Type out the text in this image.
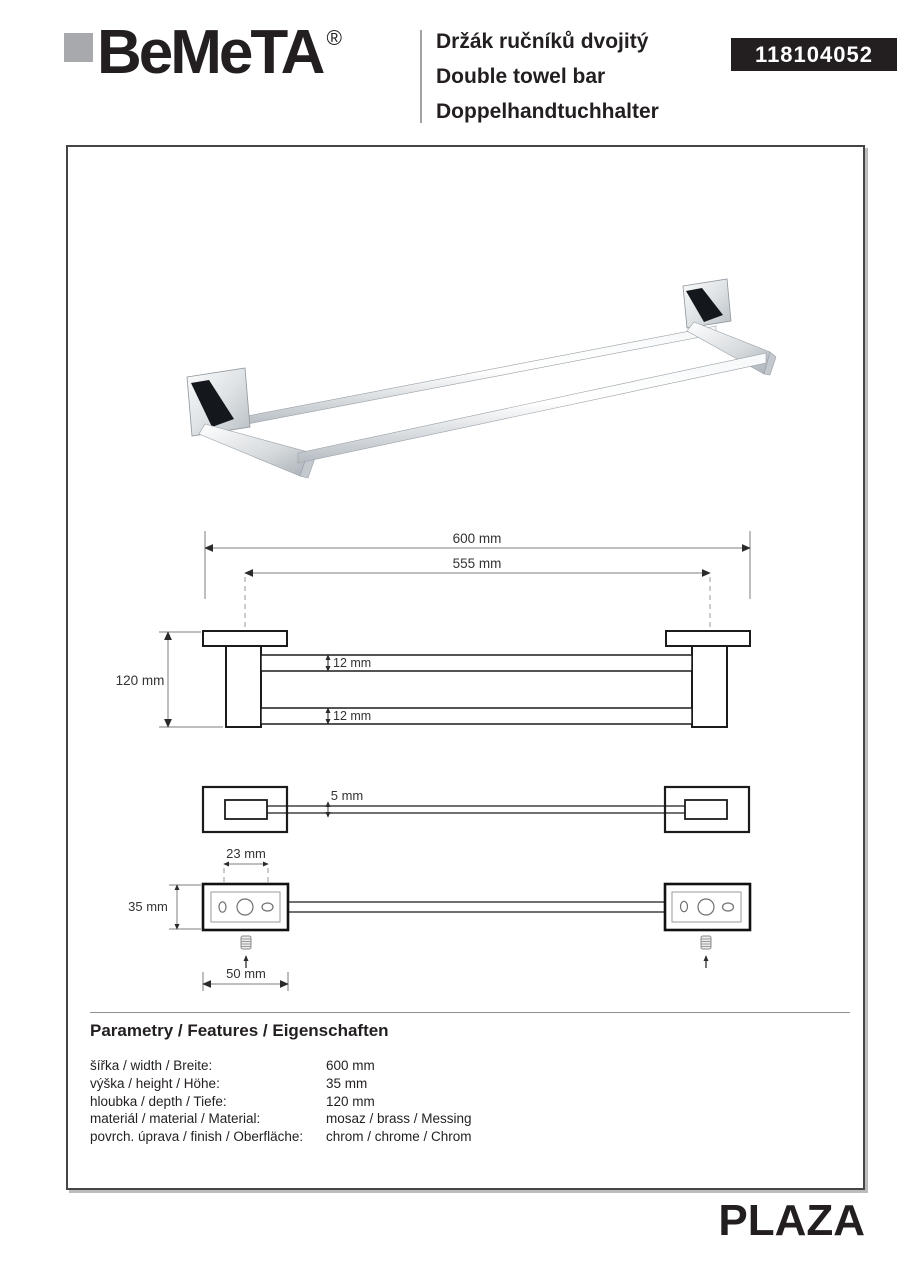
BeMeTA ®	Držák ručníků dvojitý
Double towel bar
Doppelhandtuchhalter
118104052
600 mm
555 mm
120 mm
12 mm
12 mm
5 mm
23 mm
35 mm
50 mm
Parametry / Features / Eigenschaften
šířka / width / Breite:	600 mm
výška / height / Höhe:	35 mm
hloubka / depth / Tiefe:	120 mm
materiál / material / Material:	mosaz / brass / Messing
povrch. úprava / finish / Oberfläche:	chrom / chrome / Chrom
PLAZA
